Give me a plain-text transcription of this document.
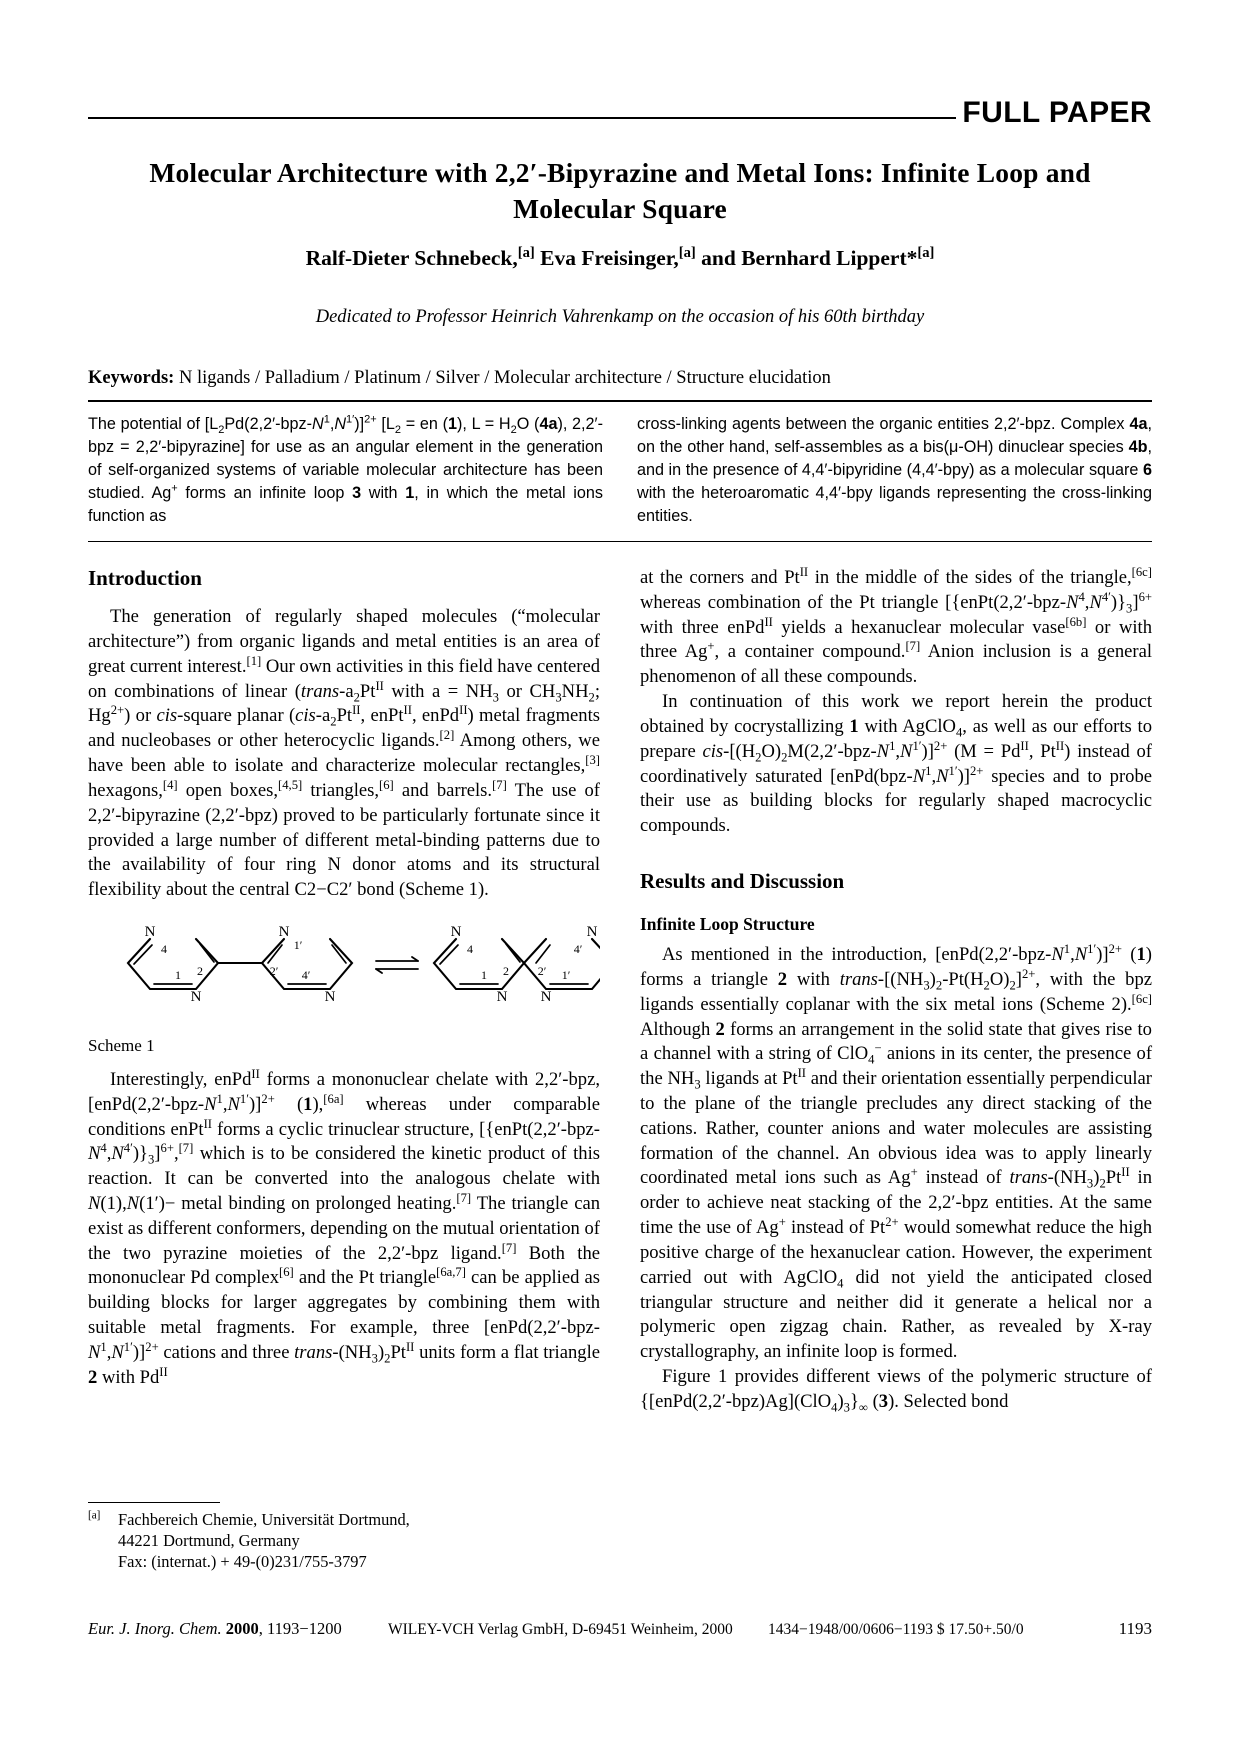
FULL PAPER
Molecular Architecture with 2,2′-Bipyrazine and Metal Ions: Infinite Loop and
Molecular Square
Ralf-Dieter Schnebeck,[a] Eva Freisinger,[a] and Bernhard Lippert*[a]
Dedicated to Professor Heinrich Vahrenkamp on the occasion of his 60th birthday
Keywords: N ligands / Palladium / Platinum / Silver / Molecular architecture / Structure elucidation
The potential of $[L_2Pd(2,2'-bpz-N^1,N^{1'})]^{2+}$ [$L_2$ = en (1), $L = H_2O$ (4a), 2,2′-bpz = 2,2′-bipyrazine] for use as an angular element in the generation of self-organized systems of variable molecular architecture has been studied. Ag+ forms an infinite loop 3 with 1, in which the metal ions function as
cross-linking agents between the organic entities 2,2′-bpz. Complex 4a, on the other hand, self-assembles as a bis(μ-OH) dinuclear species 4b, and in the presence of 4,4′-bipyridine (4,4′-bpy) as a molecular square 6 with the heteroaromatic 4,4′-bpy ligands representing the cross-linking entities.
Introduction

The generation of regularly shaped molecules (“molecular architecture”) from organic ligands and metal entities is an area of great current interest.[1] Our own activities in this field have centered on combinations of linear ($trans-a_2Pt^{II}$ with $a = NH_3$ or $CH_3NH_2$; $Hg^{2+}$) or cis-square planar ($cis-a_2Pt^{II}$, enPt$^{II}$, enPd$^{II}$) metal fragments and nucleobases or other heterocyclic ligands.[2] Among others, we have been able to isolate and characterize molecular rectangles,[3] hexagons,[4] open boxes,[4,5] triangles,[6] and barrels.[7] The use of 2,2′-bipyrazine (2,2′-bpz) proved to be particularly fortunate since it provided a large number of different metal-binding patterns due to the availability of four ring N donor atoms and its structural flexibility about the central C2−C2′ bond (Scheme 1).

N
4
2
1
N
N
1′
2′ 4′
N
N
4
2
1
N
N
4′
2′ 1′
N
Scheme 1

Interestingly, enPd$^{II}$ forms a mononuclear chelate with 2,2′-bpz, $[enPd(2,2'-bpz-N^1,N^{1'})]^{2+}$ (1),[6a] whereas under comparable conditions enPt$^{II}$ forms a cyclic trinuclear structure, $[\{enPt(2,2'-bpz-N^4,N^{4'})\}_3]^{6+},[7]$ which is to be considered the kinetic product of this reaction. It can be converted into the analogous chelate with N(1),N(1′)− metal binding on prolonged heating.[7] The triangle can exist as different conformers, depending on the mutual orientation of the two pyrazine moieties of the 2,2′-bpz ligand.[7] Both the mononuclear Pd complex[6] and the Pt triangle[6a,7] can be applied as building blocks for larger aggregates by combining them with suitable metal fragments. For example, three $[enPd(2,2'-bpz-N^1,N^{1'})]^{2+}$ cations and three trans-$(NH_3)_2Pt^{II}$ units form a flat triangle 2 with $Pd^{II}$

at the corners and $Pt^{II}$ in the middle of the sides of the triangle,[6c] whereas combination of the Pt triangle $[\{enPt(2,2'-bpz-N^4,N^{4'})\}_3]^{6+}$ with three enPd$^{II}$ yields a hexanuclear molecular vase[6b] or with three Ag+, a container compound.[7] Anion inclusion is a general phenomenon of all these compounds.

In continuation of this work we report herein the product obtained by cocrystallizing 1 with AgClO$_4$, as well as our efforts to prepare cis-$[(H_2O)_2M(2,2'-bpz-N^1,N^{1'})]^{2+}$ ($M = Pd^{II}$, $Pt^{II}$) instead of coordinatively saturated $[enPd(bpz-N^1,N^{1'})]^{2+}$ species and to probe their use as building blocks for regularly shaped macrocyclic compounds.

Results and Discussion
Infinite Loop Structure

As mentioned in the introduction, $[enPd(2,2'-bpz-N^1,N^{1'})]^{2+}$ (1) forms a triangle 2 with trans-$[(NH_3)_2-Pt(H_2O)_2]^{2+}$, with the bpz ligands essentially coplanar with the six metal ions (Scheme 2).[6c] Although 2 forms an arrangement in the solid state that gives rise to a channel with a string of ClO$_4$− anions in its center, the presence of the $NH_3$ ligands at $Pt^{II}$ and their orientation essentially perpendicular to the plane of the triangle precludes any direct stacking of the cations. Rather, counter anions and water molecules are assisting formation of the channel. An obvious idea was to apply linearly coordinated metal ions such as Ag+ instead of trans-$(NH_3)_2Pt^{II}$ in order to achieve neat stacking of the 2,2′-bpz entities. At the same time the use of Ag+ instead of $Pt^{2+}$ would somewhat reduce the high positive charge of the hexanuclear cation. However, the experiment carried out with AgClO$_4$ did not yield the anticipated closed triangular structure and neither did it generate a helical nor a polymeric open zigzag chain. Rather, as revealed by X-ray crystallography, an infinite loop is formed.

Figure 1 provides different views of the polymeric structure of $\{[enPd(2,2'-bpz)Ag](ClO_4)_3\}_\infty$ (3). Selected bond

[a]	Fachbereich Chemie, Universität Dortmund,
44221 Dortmund, Germany
Fax: (internat.) + 49-(0)231/755-3797
Eur. J. Inorg. Chem. 2000, 1193−1200	WILEY-VCH Verlag GmbH, D-69451 Weinheim, 2000	1434−1948/00/0606−1193 $ 17.50+.50/0	1193
